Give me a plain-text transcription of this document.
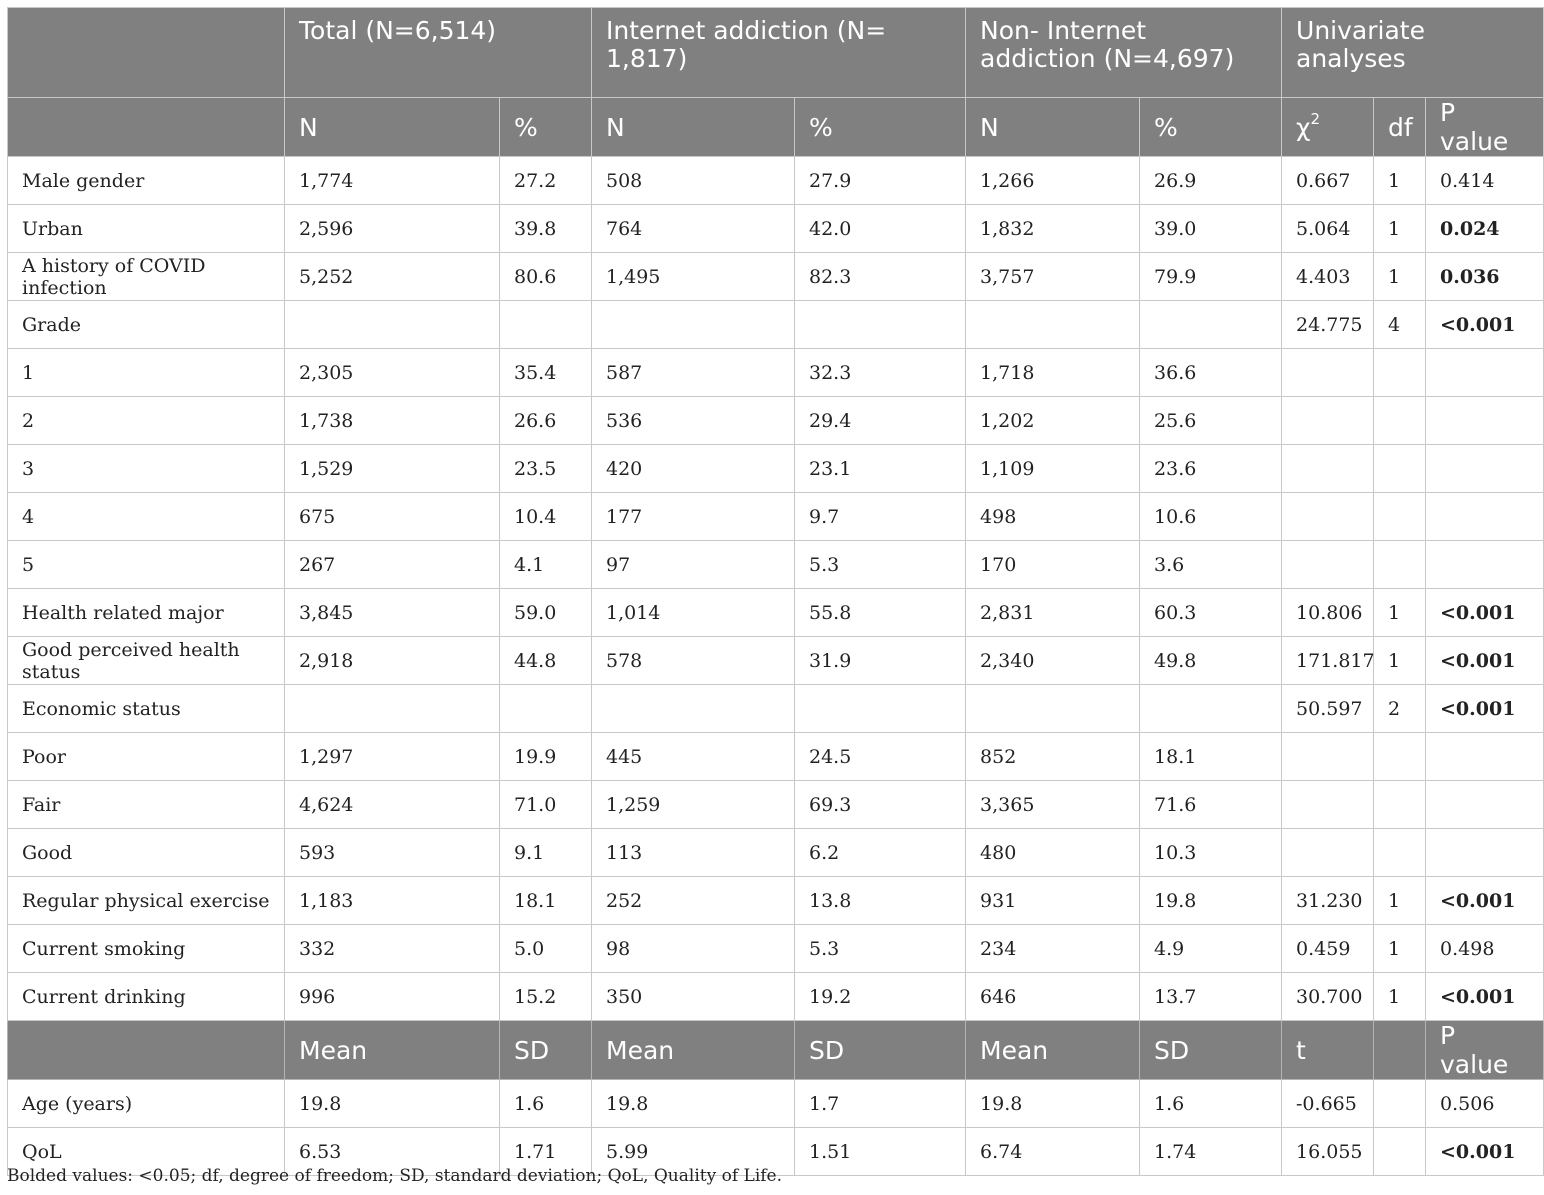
	Total (N=6,514)		Internet addiction (N= 1,817)		Non- Internet addiction (N=4,697)		Univariate analyses		
	N	%	N	%	N	%	$\chi^2$	df	P value
Male gender	1,774	27.2	508	27.9	1,266	26.9	0.667	1	0.414
Urban	2,596	39.8	764	42.0	1,832	39.0	5.064	1	0.024
A history of COVID infection	5,252	80.6	1,495	82.3	3,757	79.9	4.403	1	0.036
Grade							24.775	4	<0.001
1	2,305	35.4	587	32.3	1,718	36.6			
2	1,738	26.6	536	29.4	1,202	25.6			
3	1,529	23.5	420	23.1	1,109	23.6			
4	675	10.4	177	9.7	498	10.6			
5	267	4.1	97	5.3	170	3.6			
Health related major	3,845	59.0	1,014	55.8	2,831	60.3	10.806	1	<0.001
Good perceived health status	2,918	44.8	578	31.9	2,340	49.8	171.817	1	<0.001
Economic status							50.597	2	<0.001
Poor	1,297	19.9	445	24.5	852	18.1			
Fair	4,624	71.0	1,259	69.3	3,365	71.6			
Good	593	9.1	113	6.2	480	10.3			
Regular physical exercise	1,183	18.1	252	13.8	931	19.8	31.230	1	<0.001
Current smoking	332	5.0	98	5.3	234	4.9	0.459	1	0.498
Current drinking	996	15.2	350	19.2	646	13.7	30.700	1	<0.001
	Mean	SD	Mean	SD	Mean	SD	t		P value
Age (years)	19.8	1.6	19.8	1.7	19.8	1.6	-0.665		0.506
QoL	6.53	1.71	5.99	1.51	6.74	1.74	16.055		<0.001
Bolded values: <0.05; df, degree of freedom; SD, standard deviation; QoL, Quality of Life.
